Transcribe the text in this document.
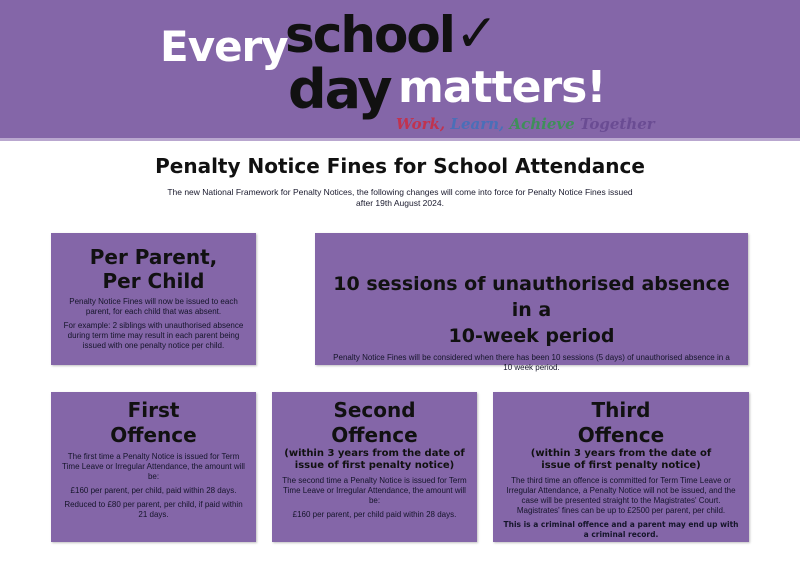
Every
school ✓
day matters!
Work, Learn, Achieve Together
Penalty Notice Fines for School Attendance
The new National Framework for Penalty Notices, the following changes will come into force for Penalty Notice Fines issued after 19th August 2024.
Per Parent,
Per Child

Penalty Notice Fines will now be issued to each parent, for each child that was absent.

For example: 2 siblings with unauthorised absence during term time may result in each parent being issued with one penalty notice per child.

10 sessions of unauthorised absence in a
10-week period

Penalty Notice Fines will be considered when there has been 10 sessions (5 days) of unauthorised absence in a 10 week period.

First
Offence

The first time a Penalty Notice is issued for Term Time Leave or Irregular Attendance, the amount will be:

£160 per parent, per child, paid within 28 days.

Reduced to £80 per parent, per child, if paid within 21 days.

Second
Offence
(within 3 years from the date of
issue of first penalty notice)

The second time a Penalty Notice is issued for Term Time Leave or Irregular Attendance, the amount will be:

£160 per parent, per child paid within 28 days.

Third
Offence
(within 3 years from the date of
issue of first penalty notice)

The third time an offence is committed for Term Time Leave or Irregular Attendance, a Penalty Notice will not be issued, and the case will be presented straight to the Magistrates' Court. Magistrates' fines can be up to £2500 per parent, per child.

This is a criminal offence and a parent may end up with a criminal record.
